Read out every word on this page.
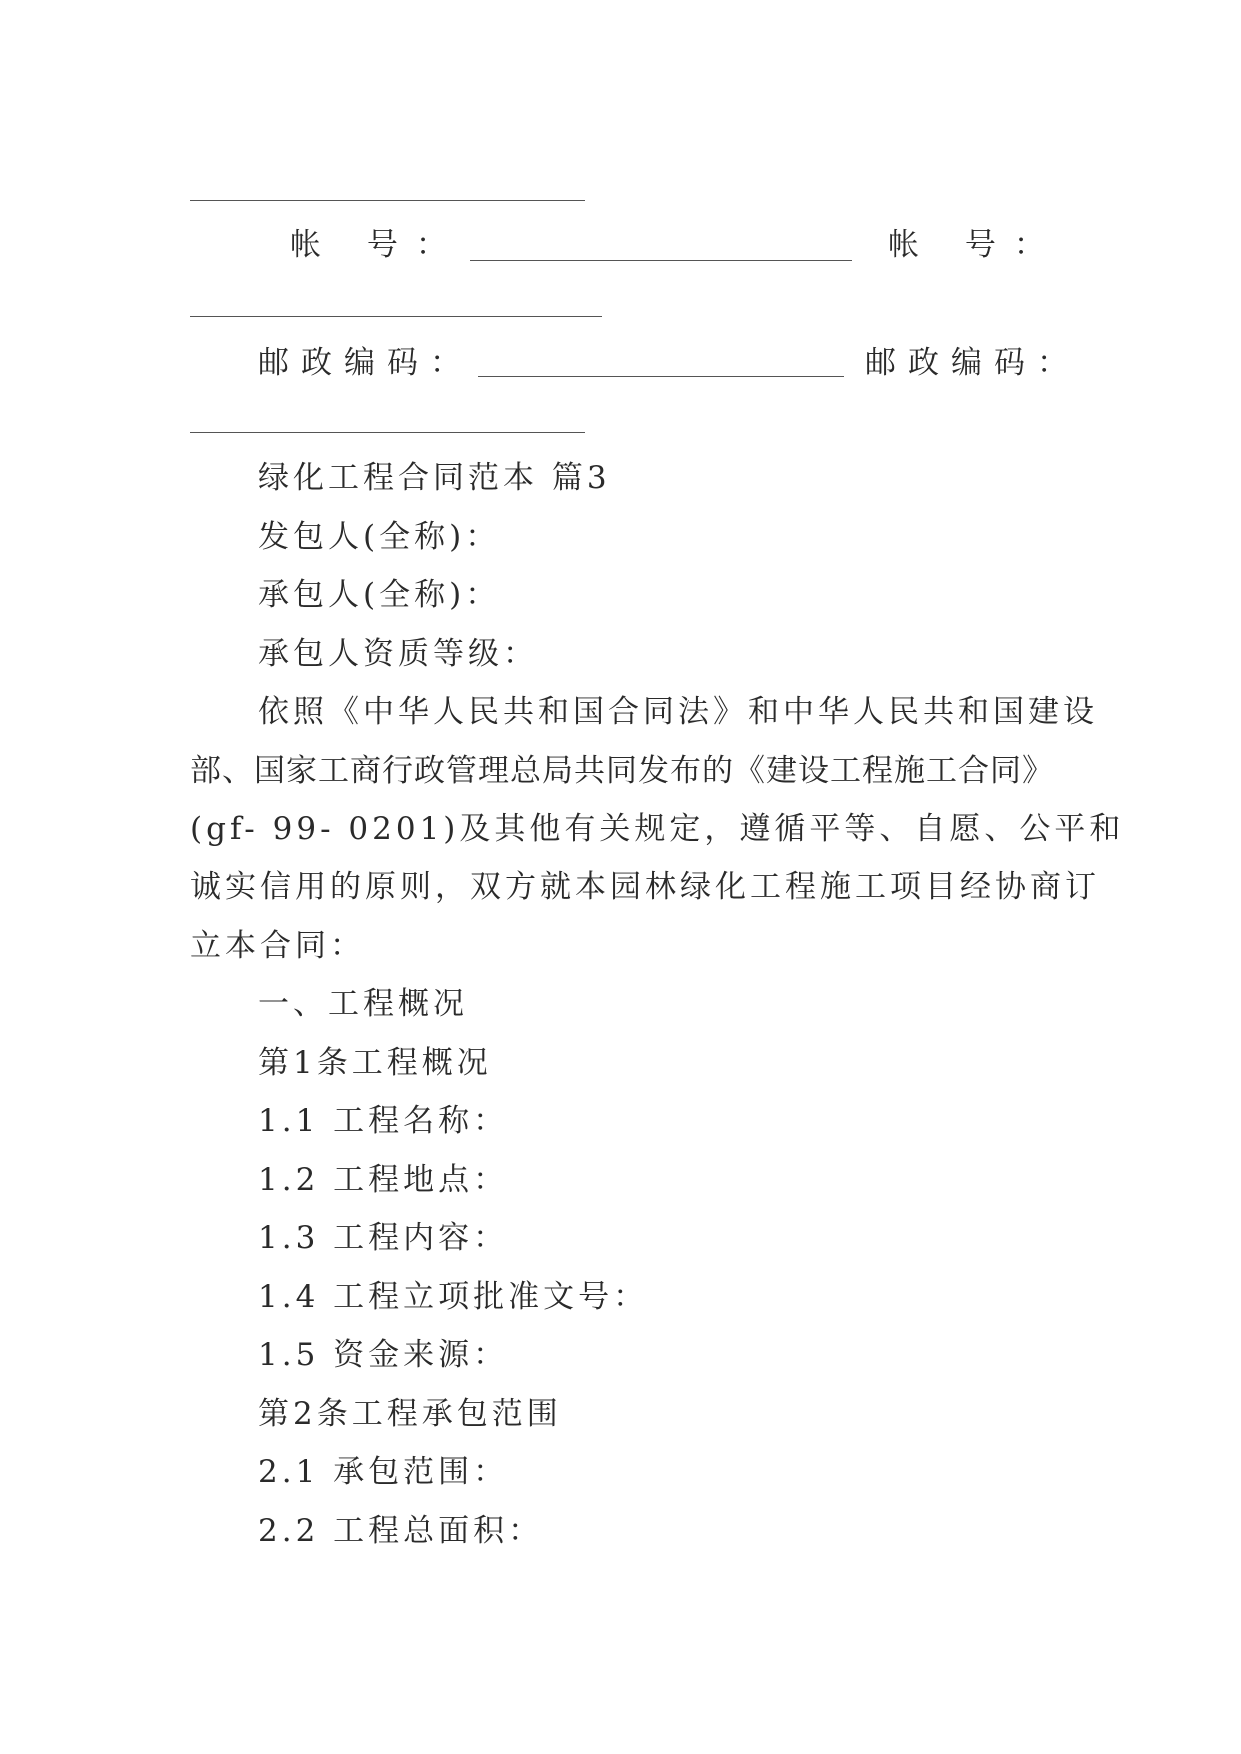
帐 号：	帐 号：
邮政编码：	邮政编码：
绿化工程合同范本 篇3
发包人(全称)：
承包人(全称)：
承包人资质等级：
依照《中华人民共和国合同法》和中华人民共和国建设
部、国家工商行政管理总局共同发布的《建设工程施工合同》
(gf- 99- 0201)及其他有关规定，遵循平等、自愿、公平和
诚实信用的原则，双方就本园林绿化工程施工项目经协商订
立本合同：
一、工程概况
第1条工程概况
1.1 工程名称：
1.2 工程地点：
1.3 工程内容：
1.4 工程立项批准文号：
1.5 资金来源：
第2条工程承包范围
2.1 承包范围：
2.2 工程总面积：
